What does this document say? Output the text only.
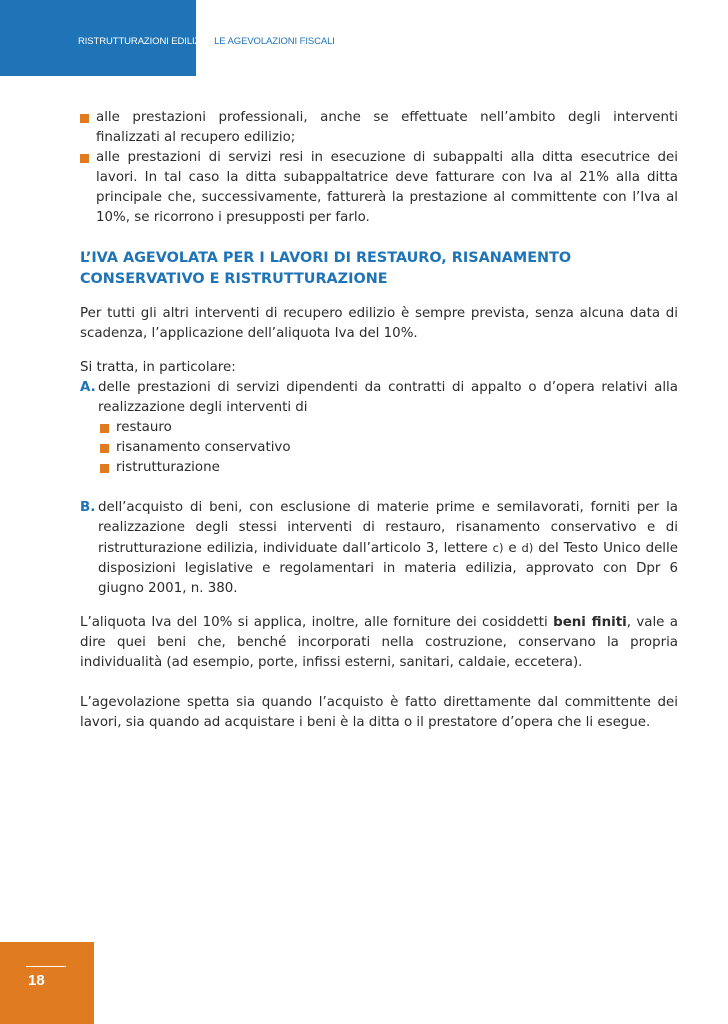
RISTRUTTURAZIONI EDILIZIE: LE AGEVOLAZIONI FISCALI
alle prestazioni professionali, anche se effettuate nell’ambito degli interventi finalizzati al recupero edilizio;
alle prestazioni di servizi resi in esecuzione di subappalti alla ditta esecutrice dei lavori. In tal caso la ditta subappaltatrice deve fatturare con Iva al 21% alla ditta principale che, successivamente, fatturerà la prestazione al committente con l’Iva al 10%, se ricorrono i presupposti per farlo.
L’IVA AGEVOLATA PER I LAVORI DI RESTAURO, RISANAMENTO CONSERVATIVO E RISTRUTTURAZIONE
Per tutti gli altri interventi di recupero edilizio è sempre prevista, senza alcuna data di scadenza, l’applicazione dell’aliquota Iva del 10%.
Si tratta, in particolare:
A. delle prestazioni di servizi dipendenti da contratti di appalto o d’opera relativi alla realizzazione degli interventi di
restauro
risanamento conservativo
ristrutturazione
B. dell’acquisto di beni, con esclusione di materie prime e semilavorati, forniti per la realizzazione degli stessi interventi di restauro, risanamento conservativo e di ristrutturazione edilizia, individuate dall’articolo 3, lettere c) e d) del Testo Unico delle disposizioni legislative e regolamentari in materia edilizia, approvato con Dpr 6 giugno 2001, n. 380.
L’aliquota Iva del 10% si applica, inoltre, alle forniture dei cosiddetti beni finiti, vale a dire quei beni che, benché incorporati nella costruzione, conservano la propria individualità (ad esempio, porte, infissi esterni, sanitari, caldaie, eccetera).
L’agevolazione spetta sia quando l’acquisto è fatto direttamente dal committente dei lavori, sia quando ad acquistare i beni è la ditta o il prestatore d’opera che li esegue.
18
